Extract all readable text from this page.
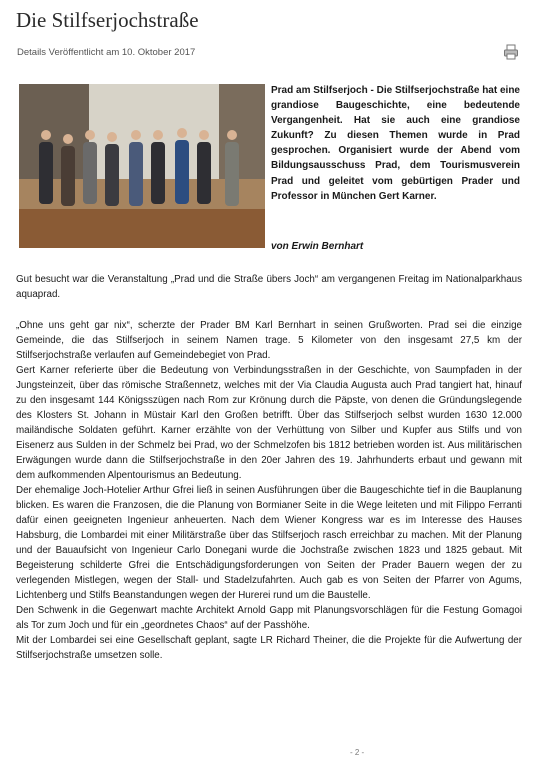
Die Stilfserjochstraße
Details Veröffentlicht am 10. Oktober 2017

Prad am Stilfserjoch - Die Stilfserjochstraße hat eine grandiose Baugeschichte, eine bedeutende Vergangenheit. Hat sie auch eine grandiose Zukunft? Zu diesen Themen wurde in Prad gesprochen. Organisiert wurde der Abend vom Bildungsausschuss Prad, dem Tourismusverein Prad und geleitet vom gebürtigen Prader und Professor in München Gert Karner.

von Erwin Bernhart

Gut besucht war die Veranstaltung „Prad und die Straße übers Joch“ am vergangenen Freitag im Nationalparkhaus aquaprad.

„Ohne uns geht gar nix“, scherzte der Prader BM Karl Bernhart in seinen Grußworten. Prad sei die einzige Gemeinde, die das Stilfserjoch in seinem Namen trage. 5 Kilometer von den insgesamt 27,5 km der Stilfserjochstraße verlaufen auf Gemeindebegiet von Prad.
Gert Karner referierte über die Bedeutung von Verbindungsstraßen in der Geschichte, von Saumpfaden in der Jungsteinzeit, über das römische Straßennetz, welches mit der Via Claudia Augusta auch Prad tangiert hat, hinauf zu den insgesamt 144 Königsszügen nach Rom zur Krönung durch die Päpste, von denen die Gründungslegende des Klosters St. Johann in Müstair Karl den Großen betrifft. Über das Stilfserjoch selbst wurden 1630 12.000 mailändische Soldaten geführt. Karner erzählte von der Verhüttung von Silber und Kupfer aus Stilfs und von Eisenerz aus Sulden in der Schmelz bei Prad, wo der Schmelzofen bis 1812 betrieben worden ist. Aus militärischen Erwägungen wurde dann die Stilfserjochstraße in den 20er Jahren des 19. Jahrhunderts erbaut und gewann mit dem aufkommenden Alpentourismus an Bedeutung.
Der ehemalige Joch-Hotelier Arthur Gfrei ließ in seinen Ausführungen über die Baugeschichte tief in die Bauplanung blicken. Es waren die Franzosen, die die Planung von Bormianer Seite in die Wege leiteten und mit Filippo Ferranti dafür einen geeigneten Ingenieur anheuerten. Nach dem Wiener Kongress war es im Interesse des Hauses Habsburg, die Lombardei mit einer Militärstraße über das Stilfserjoch rasch erreichbar zu machen. Mit der Planung und der Bauaufsicht von Ingenieur Carlo Donegani wurde die Jochstraße zwischen 1823 und 1825 gebaut. Mit Begeisterung schilderte Gfrei die Entschädigungsforderungen von Seiten der Prader Bauern wegen der zu verlegenden Mistlegen, wegen der Stall- und Stadelzufahrten. Auch gab es von Seiten der Pfarrer von Agums, Lichtenberg und Stilfs Beanstandungen wegen der Hurerei rund um die Baustelle.
Den Schwenk in die Gegenwart machte Architekt Arnold Gapp mit Planungsvorschlägen für die Festung Gomagoi als Tor zum Joch und für ein „geordnetes Chaos“ auf der Passhöhe.
Mit der Lombardei sei eine Gesellschaft geplant, sagte LR Richard Theiner, die die Projekte für die Aufwertung der Stilfserjochstraße umsetzen solle.

- 2 -
